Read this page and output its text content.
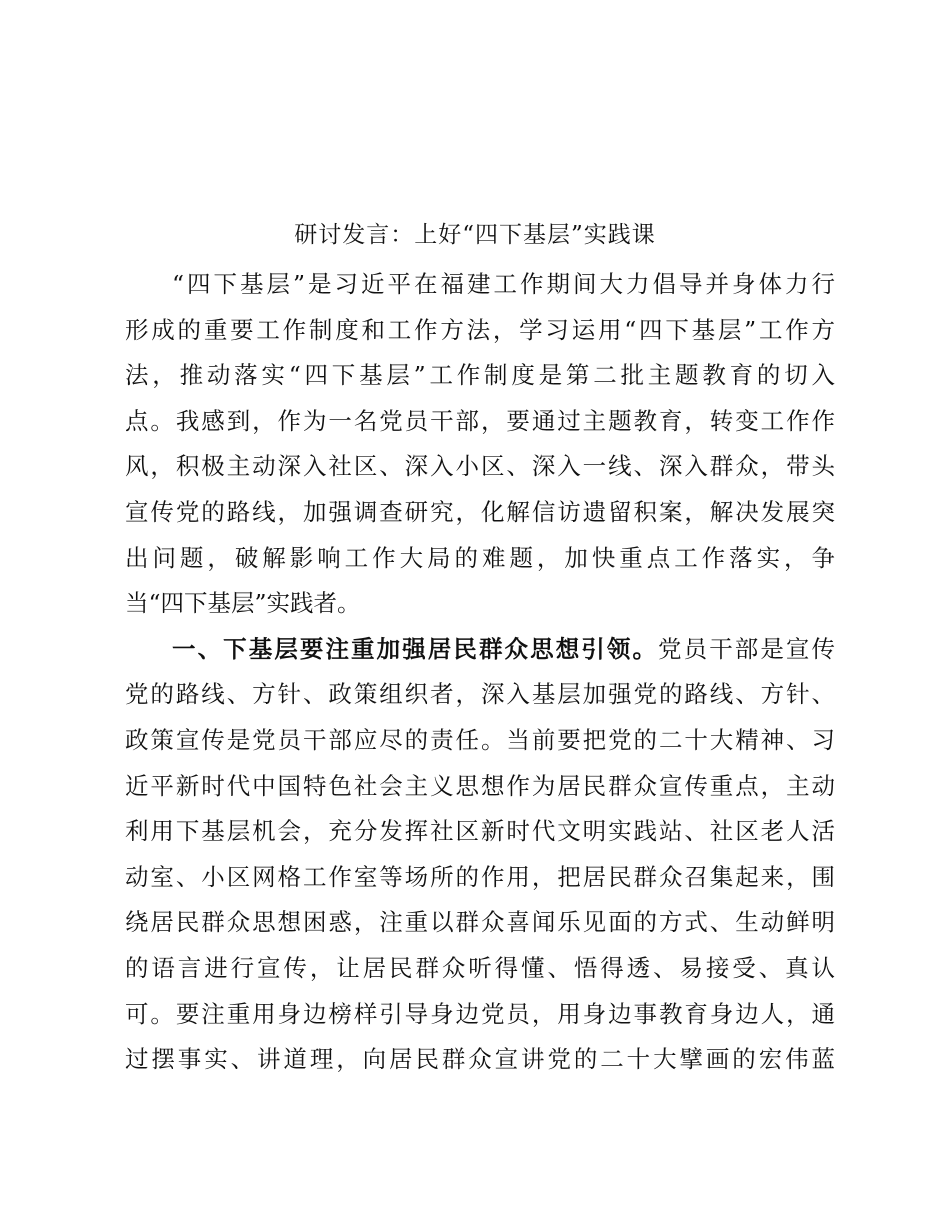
研讨发言：上好“四下基层”实践课
“四下基层”是习近平在福建工作期间大力倡导并身体力行
形成的重要工作制度和工作方法，学习运用“四下基层”工作方
法，推动落实“四下基层”工作制度是第二批主题教育的切入
点。我感到，作为一名党员干部，要通过主题教育，转变工作作
风，积极主动深入社区、深入小区、深入一线、深入群众，带头
宣传党的路线，加强调查研究，化解信访遗留积案，解决发展突
出问题，破解影响工作大局的难题，加快重点工作落实，争
当“四下基层”实践者。
一、下基层要注重加强居民群众思想引领。党员干部是宣传
党的路线、方针、政策组织者，深入基层加强党的路线、方针、
政策宣传是党员干部应尽的责任。当前要把党的二十大精神、习
近平新时代中国特色社会主义思想作为居民群众宣传重点，主动
利用下基层机会，充分发挥社区新时代文明实践站、社区老人活
动室、小区网格工作室等场所的作用，把居民群众召集起来，围
绕居民群众思想困惑，注重以群众喜闻乐见面的方式、生动鲜明
的语言进行宣传，让居民群众听得懂、悟得透、易接受、真认
可。要注重用身边榜样引导身边党员，用身边事教育身边人，通
过摆事实、讲道理，向居民群众宣讲党的二十大擘画的宏伟蓝
